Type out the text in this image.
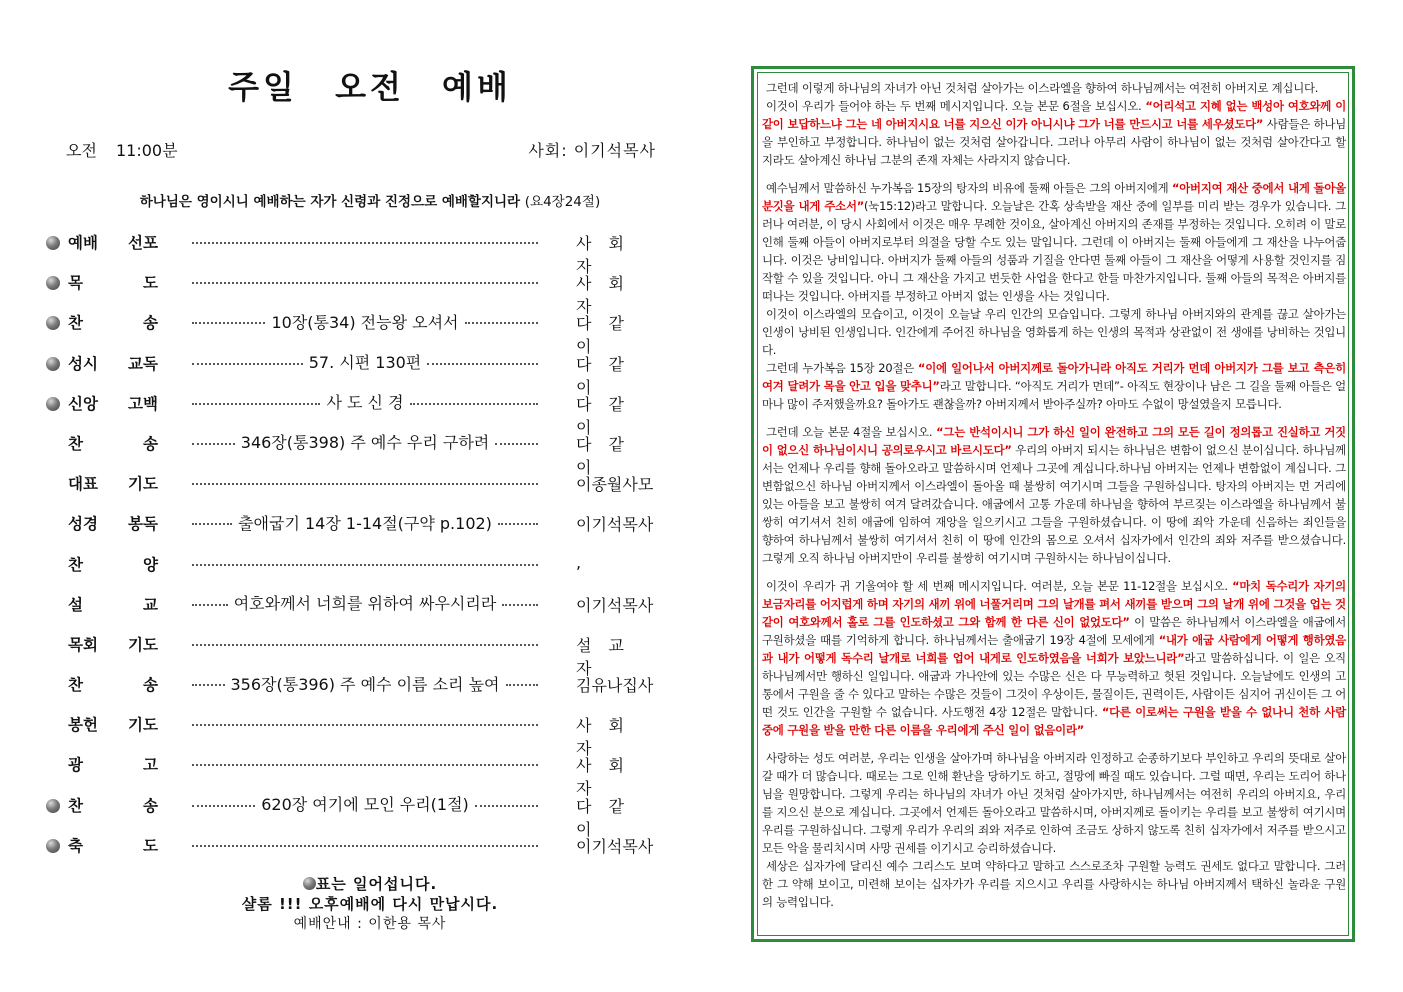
주일 오전 예배
오전 11:00분	사회: 이기석목사
하나님은 영이시니 예배하는 자가 신령과 진정으로 예배할지니라 (요4장24절)
예배 선포	사 회 자
목	도	사 회 자
찬	송	10장(통34) 전능왕 오셔서	다 같 이
성시 교독	57. 시편 130편	다 같 이
신앙 고백	사 도 신 경	다 같 이
찬	송	346장(통398) 주 예수 우리 구하려	다 같 이
대표 기도	이종월사모
성경 봉독	출애굽기 14장 1-14절(구약 p.102)	이기석목사
찬	양	,
설	교	여호와께서 너희를 위하여 싸우시리라	이기석목사
목회 기도	설 교 자
찬	송	356장(통396) 주 예수 이름 소리 높여	김유나집사
봉헌 기도	사 회 자
광	고	사 회 자
찬	송	620장 여기에 모인 우리(1절)	다 같 이
축	도	이기석목사
표는 일어섭니다.
샬롬 !!! 오후예배에 다시 만납시다.
예배안내 : 이한용 목사

그런데 이렇게 하나님의 자녀가 아닌 것처럼 살아가는 이스라엘을 향하여 하나님께서는 여전히 아버지로 계십니다.

이것이 우리가 들어야 하는 두 번째 메시지입니다. 오늘 본문 6절을 보십시오. “어리석고 지혜 없는 백성아 여호와께 이같이 보답하느냐 그는 네 아버지시요 너를 지으신 이가 아니시냐 그가 너를 만드시고 너를 세우셨도다” 사람들은 하나님을 부인하고 부정합니다. 하나님이 없는 것처럼 살아갑니다. 그러나 아무리 사람이 하나님이 없는 것처럼 살아간다고 할지라도 살아계신 하나님 그분의 존재 자체는 사라지지 않습니다.

예수님께서 말씀하신 누가복음 15장의 탕자의 비유에 둘째 아들은 그의 아버지에게 “아버지여 재산 중에서 내게 돌아올 분깃을 내게 주소서”(눅15:12)라고 말합니다. 오늘날은 간혹 상속받을 재산 중에 일부를 미리 받는 경우가 있습니다. 그러나 여러분, 이 당시 사회에서 이것은 매우 무례한 것이요, 살아계신 아버지의 존재를 부정하는 것입니다. 오히려 이 말로 인해 둘째 아들이 아버지로부터 의절을 당할 수도 있는 말입니다. 그런데 이 아버지는 둘째 아들에게 그 재산을 나누어줍니다. 이것은 낭비입니다. 아버지가 둘째 아들의 성품과 기질을 안다면 둘째 아들이 그 재산을 어떻게 사용할 것인지를 짐작할 수 있을 것입니다. 아니 그 재산을 가지고 번듯한 사업을 한다고 한들 마찬가지입니다. 둘째 아들의 목적은 아버지를 떠나는 것입니다. 아버지를 부정하고 아버지 없는 인생을 사는 것입니다.

이것이 이스라엘의 모습이고, 이것이 오늘날 우리 인간의 모습입니다. 그렇게 하나님 아버지와의 관계를 끊고 살아가는 인생이 낭비된 인생입니다. 인간에게 주어진 하나님을 영화롭게 하는 인생의 목적과 상관없이 전 생애를 낭비하는 것입니다.

그런데 누가복음 15장 20절은 “이에 일어나서 아버지께로 돌아가니라 아직도 거리가 먼데 아버지가 그를 보고 측은히 여겨 달려가 목을 안고 입을 맞추니”라고 말합니다. “아직도 거리가 먼데”- 아직도 현장이나 남은 그 길을 둘째 아들은 얼마나 많이 주저했을까요? 돌아가도 괜찮을까? 아버지께서 받아주실까? 아마도 수없이 망설였을지 모릅니다.

그런데 오늘 본문 4절을 보십시오. “그는 반석이시니 그가 하신 일이 완전하고 그의 모든 길이 정의롭고 진실하고 거짓이 없으신 하나님이시니 공의로우시고 바르시도다” 우리의 아버지 되시는 하나님은 변함이 없으신 분이십니다. 하나님께서는 언제나 우리를 향해 돌아오라고 말씀하시며 언제나 그곳에 계십니다.하나님 아버지는 언제나 변함없이 계십니다. 그 변함없으신 하나님 아버지께서 이스라엘이 돌아올 때 불쌍히 여기시며 그들을 구원하십니다. 탕자의 아버지는 먼 거리에 있는 아들을 보고 불쌍히 여겨 달려갔습니다. 애굽에서 고통 가운데 하나님을 향하여 부르짖는 이스라엘을 하나님께서 불쌍히 여기셔서 친히 애굽에 임하여 재앙을 일으키시고 그들을 구원하셨습니다. 이 땅에 죄악 가운데 신음하는 죄인들을 향하여 하나님께서 불쌍히 여기셔서 친히 이 땅에 인간의 몸으로 오셔서 십자가에서 인간의 죄와 저주를 받으셨습니다. 그렇게 오직 하나님 아버지만이 우리를 불쌍히 여기시며 구원하시는 하나님이십니다.

이것이 우리가 귀 기울여야 할 세 번째 메시지입니다. 여러분, 오늘 본문 11-12절을 보십시오. “마치 독수리가 자기의 보금자리를 어지럽게 하며 자기의 새끼 위에 너풀거리며 그의 날개를 펴서 새끼를 받으며 그의 날개 위에 그것을 업는 것 같이 여호와께서 홀로 그를 인도하셨고 그와 함께 한 다른 신이 없었도다” 이 말씀은 하나님께서 이스라엘을 애굽에서 구원하셨을 때를 기억하게 합니다. 하나님께서는 출애굽기 19장 4절에 모세에게 “내가 애굽 사람에게 어떻게 행하였음과 내가 어떻게 독수리 날개로 너희를 업어 내게로 인도하였음을 너희가 보았느니라”라고 말씀하십니다. 이 일은 오직 하나님께서만 행하신 일입니다. 애굽과 가나안에 있는 수많은 신은 다 무능력하고 헛된 것입니다. 오늘날에도 인생의 고통에서 구원을 줄 수 있다고 말하는 수많은 것들이 그것이 우상이든, 물질이든, 권력이든, 사람이든 심지어 귀신이든 그 어떤 것도 인간을 구원할 수 없습니다. 사도행전 4장 12절은 말합니다. “다른 이로써는 구원을 받을 수 없나니 천하 사람 중에 구원을 받을 만한 다른 이름을 우리에게 주신 일이 없음이라”

사랑하는 성도 여러분, 우리는 인생을 살아가며 하나님을 아버지라 인정하고 순종하기보다 부인하고 우리의 뜻대로 살아갈 때가 더 많습니다. 때로는 그로 인해 환난을 당하기도 하고, 절망에 빠질 때도 있습니다. 그럴 때면, 우리는 도리어 하나님을 원망합니다. 그렇게 우리는 하나님의 자녀가 아닌 것처럼 살아가지만, 하나님께서는 여전히 우리의 아버지요, 우리를 지으신 분으로 계십니다. 그곳에서 언제든 돌아오라고 말씀하시며, 아버지께로 돌이키는 우리를 보고 불쌍히 여기시며 우리를 구원하십니다. 그렇게 우리가 우리의 죄와 저주로 인하여 조금도 상하지 않도록 친히 십자가에서 저주를 받으시고 모든 악을 물리치시며 사망 권세를 이기시고 승리하셨습니다.

세상은 십자가에 달리신 예수 그리스도 보며 약하다고 말하고 스스로조차 구원할 능력도 권세도 없다고 말합니다. 그러한 그 약해 보이고, 미련해 보이는 십자가가 우리를 지으시고 우리를 사랑하시는 하나님 아버지께서 택하신 놀라운 구원의 능력입니다.
